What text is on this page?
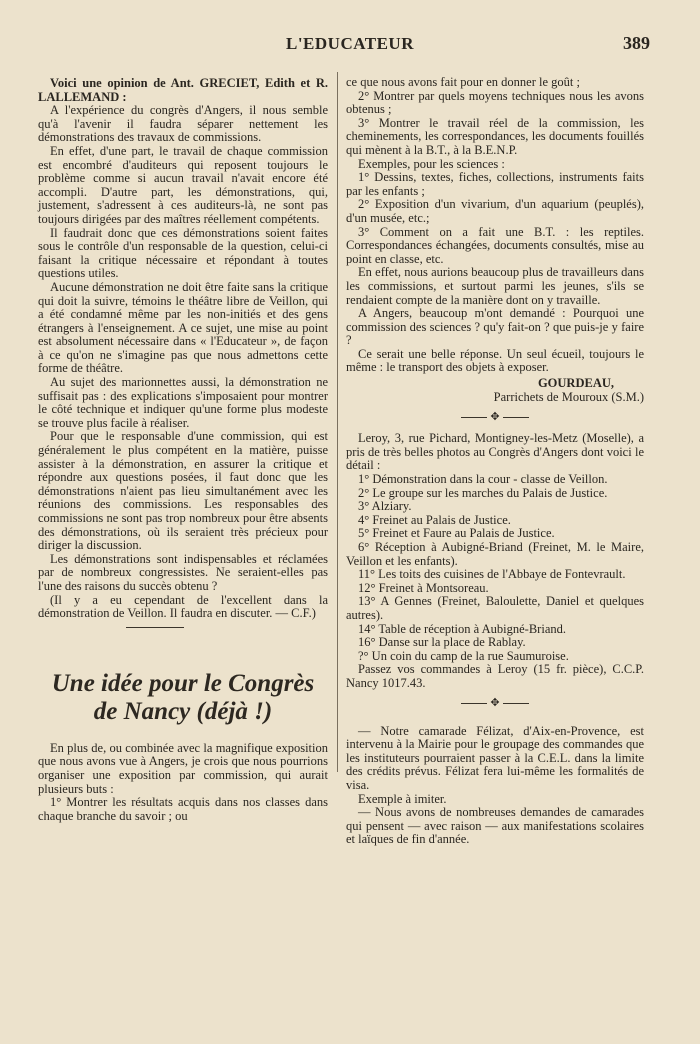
L'EDUCATEUR	389

Voici une opinion de Ant. GRECIET, Edith et R. LALLEMAND :

A l'expérience du congrès d'Angers, il nous semble qu'à l'avenir il faudra séparer nettement les démonstrations des travaux de commissions.

En effet, d'une part, le travail de chaque commission est encombré d'auditeurs qui reposent toujours le problème comme si aucun travail n'avait encore été accompli. D'autre part, les démonstrations, qui, justement, s'adressent à ces auditeurs-là, ne sont pas toujours dirigées par des maîtres réellement compétents.

Il faudrait donc que ces démonstrations soient faites sous le contrôle d'un responsable de la question, celui-ci faisant la critique nécessaire et répondant à toutes questions utiles.

Aucune démonstration ne doit être faite sans la critique qui doit la suivre, témoins le théâtre libre de Veillon, qui a été condamné même par les non-initiés et des gens étrangers à l'enseignement. A ce sujet, une mise au point est absolument nécessaire dans « l'Educateur », de façon à ce qu'on ne s'imagine pas que nous admettons cette forme de théâtre.

Au sujet des marionnettes aussi, la démonstration ne suffisait pas : des explications s'imposaient pour montrer le côté technique et indiquer qu'une forme plus modeste se trouve plus facile à réaliser.

Pour que le responsable d'une commission, qui est généralement le plus compétent en la matière, puisse assister à la démonstration, en assurer la critique et répondre aux questions posées, il faut donc que les démonstrations n'aient pas lieu simultanément avec les réunions des commissions. Les responsables des commissions ne sont pas trop nombreux pour être absents des démonstrations, où ils seraient très précieux pour diriger la discussion.

Les démonstrations sont indispensables et réclamées par de nombreux congressistes. Ne seraient-elles pas l'une des raisons du succès obtenu ?

(Il y a eu cependant de l'excellent dans la démonstration de Veillon. Il faudra en discuter. — C.F.)

Une idée pour le Congrès
de Nancy (déjà !)

En plus de, ou combinée avec la magnifique exposition que nous avons vue à Angers, je crois que nous pourrions organiser une exposition par commission, qui aurait plusieurs buts :

1° Montrer les résultats acquis dans nos classes dans chaque branche du savoir ; ou

ce que nous avons fait pour en donner le goût ;

2° Montrer par quels moyens techniques nous les avons obtenus ;

3° Montrer le travail réel de la commission, les cheminements, les correspondances, les documents fouillés qui mènent à la B.T., à la B.E.N.P.

Exemples, pour les sciences :

1° Dessins, textes, fiches, collections, instruments faits par les enfants ;

2° Exposition d'un vivarium, d'un aquarium (peuplés), d'un musée, etc.;

3° Comment on a fait une B.T. : les reptiles. Correspondances échangées, documents consultés, mise au point en classe, etc.

En effet, nous aurions beaucoup plus de travailleurs dans les commissions, et surtout parmi les jeunes, s'ils se rendaient compte de la manière dont on y travaille.

A Angers, beaucoup m'ont demandé : Pourquoi une commission des sciences ? qu'y fait-on ? que puis-je y faire ?

Ce serait une belle réponse. Un seul écueil, toujours le même : le transport des objets à exposer.

GOURDEAU,

Parrichets de Mouroux (S.M.)

✥

Leroy, 3, rue Pichard, Montigney-les-Metz (Moselle), a pris de très belles photos au Congrès d'Angers dont voici le détail :

1° Démonstration dans la cour - classe de Veillon.

2° Le groupe sur les marches du Palais de Justice.

3° Alziary.

4° Freinet au Palais de Justice.

5° Freinet et Faure au Palais de Justice.

6° Réception à Aubigné-Briand (Freinet, M. le Maire, Veillon et les enfants).

11° Les toits des cuisines de l'Abbaye de Fontevrault.

12° Freinet à Montsoreau.

13° A Gennes (Freinet, Baloulette, Daniel et quelques autres).

14° Table de réception à Aubigné-Briand.

16° Danse sur la place de Rablay.

?° Un coin du camp de la rue Saumuroise.

Passez vos commandes à Leroy (15 fr. pièce), C.C.P. Nancy 1017.43.

✥

— Notre camarade Félizat, d'Aix-en-Provence, est intervenu à la Mairie pour le groupage des commandes que les instituteurs pourraient passer à la C.E.L. dans la limite des crédits prévus. Félizat fera lui-même les formalités de visa.

Exemple à imiter.

— Nous avons de nombreuses demandes de camarades qui pensent — avec raison — aux manifestations scolaires et laïques de fin d'année.
